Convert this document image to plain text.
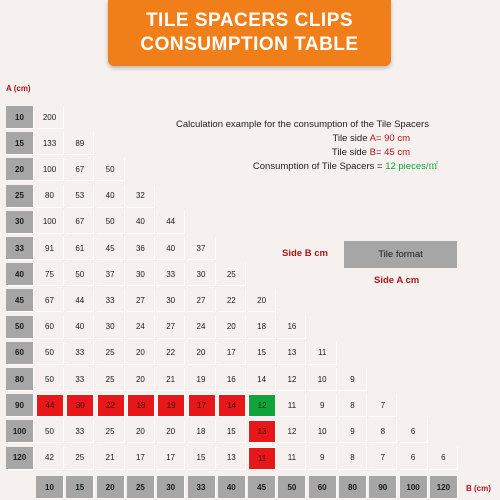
TILE SPACERS CLIPS
CONSUMPTION TABLE
A (cm)
B (cm)
10	200
15	133	89
20	100	67	50
25	80	53	40	32
30	100	67	50	40	44
33	91	61	45	36	40	37
40	75	50	37	30	33	30	25
45	67	44	33	27	30	27	22	20
50	60	40	30	24	27	24	20	18	16
60	50	33	25	20	22	20	17	15	13	11
80	50	33	25	20	21	19	16	14	12	10	9
90	44	30	22	18	19	17	14	12	11	9	8	7
100	50	33	25	20	20	18	15	13	12	10	9	8	6
120	42	25	21	17	17	15	13	11	11	9	8	7	6	6
10	15	20	25	30	33	40	45	50	60	80	90	100	120
Calculation example for the consumption of the Tile Spacers
Tile side A= 90 cm
Tile side B= 45 cm
Consumption of Tile Spacers = 12 pieces/㎡
Side B cm	Tile format
Side A cm
